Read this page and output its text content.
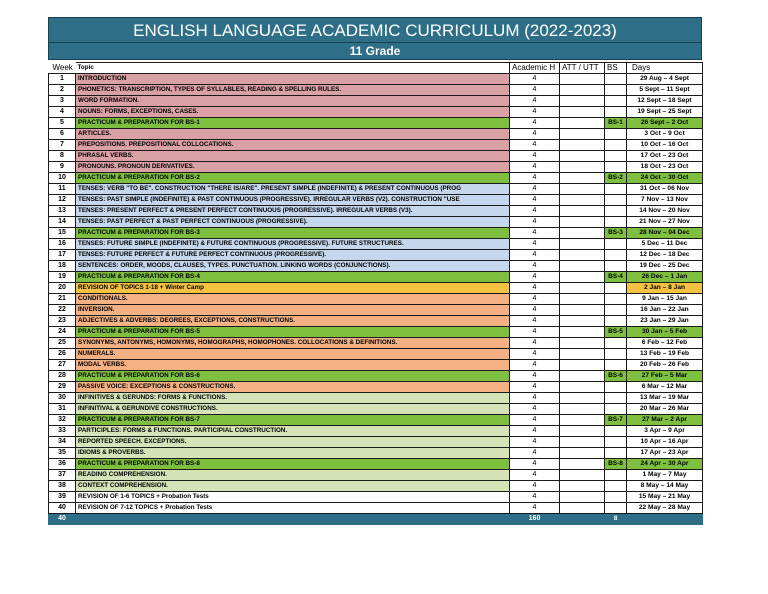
ENGLISH LANGUAGE ACADEMIC CURRICULUM (2022-2023)
11 Grade
Week	Topic	Academic H	ATT / UTT	BS	Days
1	INTRODUCTION	4			29 Aug – 4 Sept
2	PHONETICS: TRANSCRIPTION, TYPES OF SYLLABLES, READING & SPELLING RULES.	4			5 Sept – 11 Sept
3	WORD FORMATION.	4			12 Sept – 18 Sept
4	NOUNS: FORMS, EXCEPTIONS, CASES.	4			19 Sept – 25 Sept
5	PRACTICUM & PREPARATION FOR BS-1	4		BS-1	26 Sept – 2 Oct
6	ARTICLES.	4			3 Oct – 9 Oct
7	PREPOSITIONS. PREPOSITIONAL COLLOCATIONS.	4			10 Oct – 16 Oct
8	PHRASAL VERBS.	4			17 Oct – 23 Oct
9	PRONOUNS. PRONOUN DERIVATIVES.	4			18 Oct – 23 Oct
10	PRACTICUM & PREPARATION FOR BS-2	4		BS-2	24 Oct – 30 Oct
11	TENSES: VERB "TO BE". CONSTRUCTION "THERE IS/ARE". PRESENT SIMPLE (INDEFINITE) & PRESENT CONTINUOUS (PROG	4			31 Oct – 06 Nov
12	TENSES: PAST SIMPLE (INDEFINITE) & PAST CONTINUOUS (PROGRESSIVE). IRREGULAR VERBS (V2). CONSTRUCTION "USE	4			7 Nov – 13 Nov
13	TENSES: PRESENT PERFECT & PRESENT PERFECT CONTINUOUS (PROGRESSIVE). IRREGULAR VERBS (V3).	4			14 Nov – 20 Nov
14	TENSES: PAST PERFECT & PAST PERFECT CONTINUOUS (PROGRESSIVE).	4			21 Nov – 27 Nov
15	PRACTICUM & PREPARATION FOR BS-3	4		BS-3	28 Nov – 04 Dec
16	TENSES: FUTURE SIMPLE (INDEFINITE) & FUTURE CONTINUOUS (PROGRESSIVE). FUTURE STRUCTURES.	4			5 Dec – 11 Dec
17	TENSES: FUTURE PERFECT & FUTURE PERFECT CONTINUOUS (PROGRESSIVE).	4			12 Dec – 18 Dec
18	SENTENCES: ORDER, MOODS, CLAUSES, TYPES. PUNCTUATION. LINKING WORDS (CONJUNCTIONS).	4			19 Dec – 25 Dec
19	PRACTICUM & PREPARATION FOR BS-4	4		BS-4	26 Dec – 1 Jan
20	REVISION OF TOPICS 1-18 + Winter Camp	4			2 Jan – 8 Jan
21	CONDITIONALS.	4			9 Jan – 15 Jan
22	INVERSION.	4			16 Jan – 22 Jan
23	ADJECTIVES & ADVERBS: DEGREES, EXCEPTIONS, CONSTRUCTIONS.	4			23 Jan – 29 Jan
24	PRACTICUM & PREPARATION FOR BS-5	4		BS-5	30 Jan – 5 Feb
25	SYNONYMS, ANTONYMS, HOMONYMS, HOMOGRAPHS, HOMOPHONES. COLLOCATIONS & DEFINITIONS.	4			6 Feb – 12 Feb
26	NUMERALS.	4			13 Feb – 19 Feb
27	MODAL VERBS.	4			20 Feb – 26 Feb
28	PRACTICUM & PREPARATION FOR BS-6	4		BS-6	27 Feb – 5 Mar
29	PASSIVE VOICE: EXCEPTIONS & CONSTRUCTIONS.	4			6 Mar – 12 Mar
30	INFINITIVES & GERUNDS: FORMS & FUNCTIONS.	4			13 Mar – 19 Mar
31	INFINITIVAL & GERUNDIVE CONSTRUCTIONS.	4			20 Mar – 26 Mar
32	PRACTICUM & PREPARATION FOR BS-7	4		BS-7	27 Mar – 2 Apr
33	PARTICIPLES: FORMS & FUNCTIONS. PARTICIPIAL CONSTRUCTION.	4			3 Apr – 9 Apr
34	REPORTED SPEECH. EXCEPTIONS.	4			10 Apr – 16 Apr
35	IDIOMS & PROVERBS.	4			17 Apr – 23 Apr
36	PRACTICUM & PREPARATION FOR BS-8	4		BS-8	24 Apr – 30 Apr
37	READING COMPREHENSION.	4			1 May – 7 May
38	CONTEXT COMPREHENSION.	4			8 May – 14 May
39	REVISION OF 1-6 TOPICS + Probation Tests	4			15 May – 21 May
40	REVISION OF 7-12 TOPICS + Probation Tests	4			22 May – 28 May
40		160		8	
